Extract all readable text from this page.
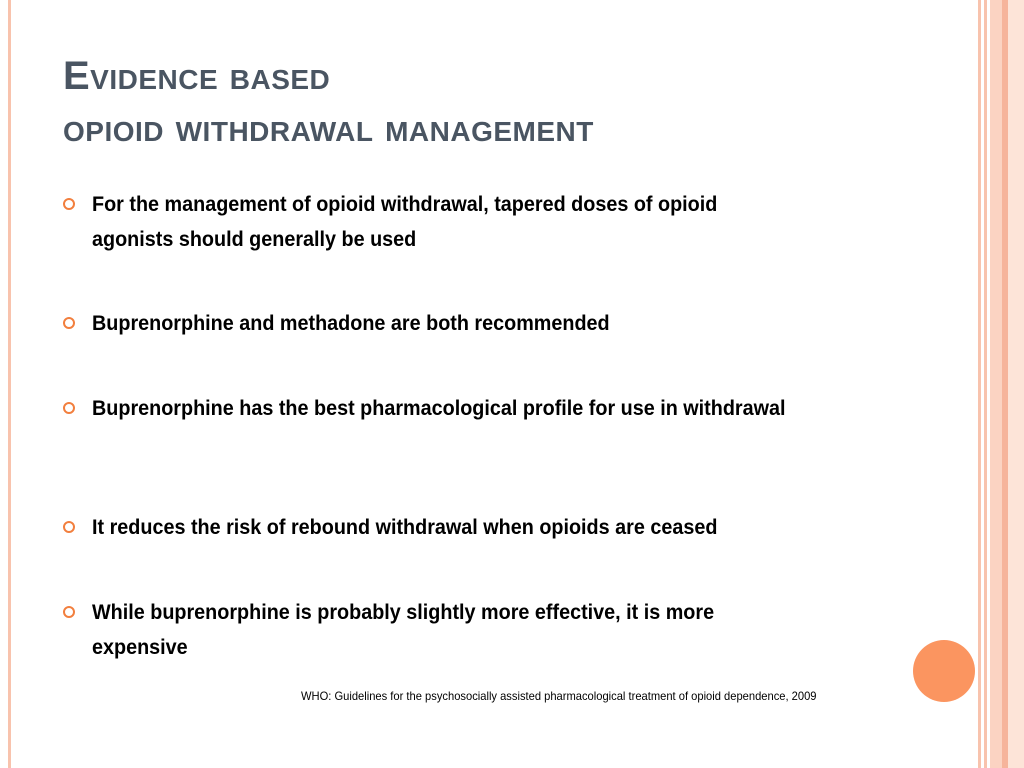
Evidence based
opioid withdrawal management
For the management of opioid withdrawal, tapered doses of opioid agonists should generally be used
Buprenorphine and methadone are both recommended
Buprenorphine has the best pharmacological profile for use in withdrawal
It reduces the risk of rebound withdrawal when opioids are ceased
While buprenorphine is probably slightly more effective, it is more expensive
WHO: Guidelines for the psychosocially assisted pharmacological treatment of opioid dependence, 2009
